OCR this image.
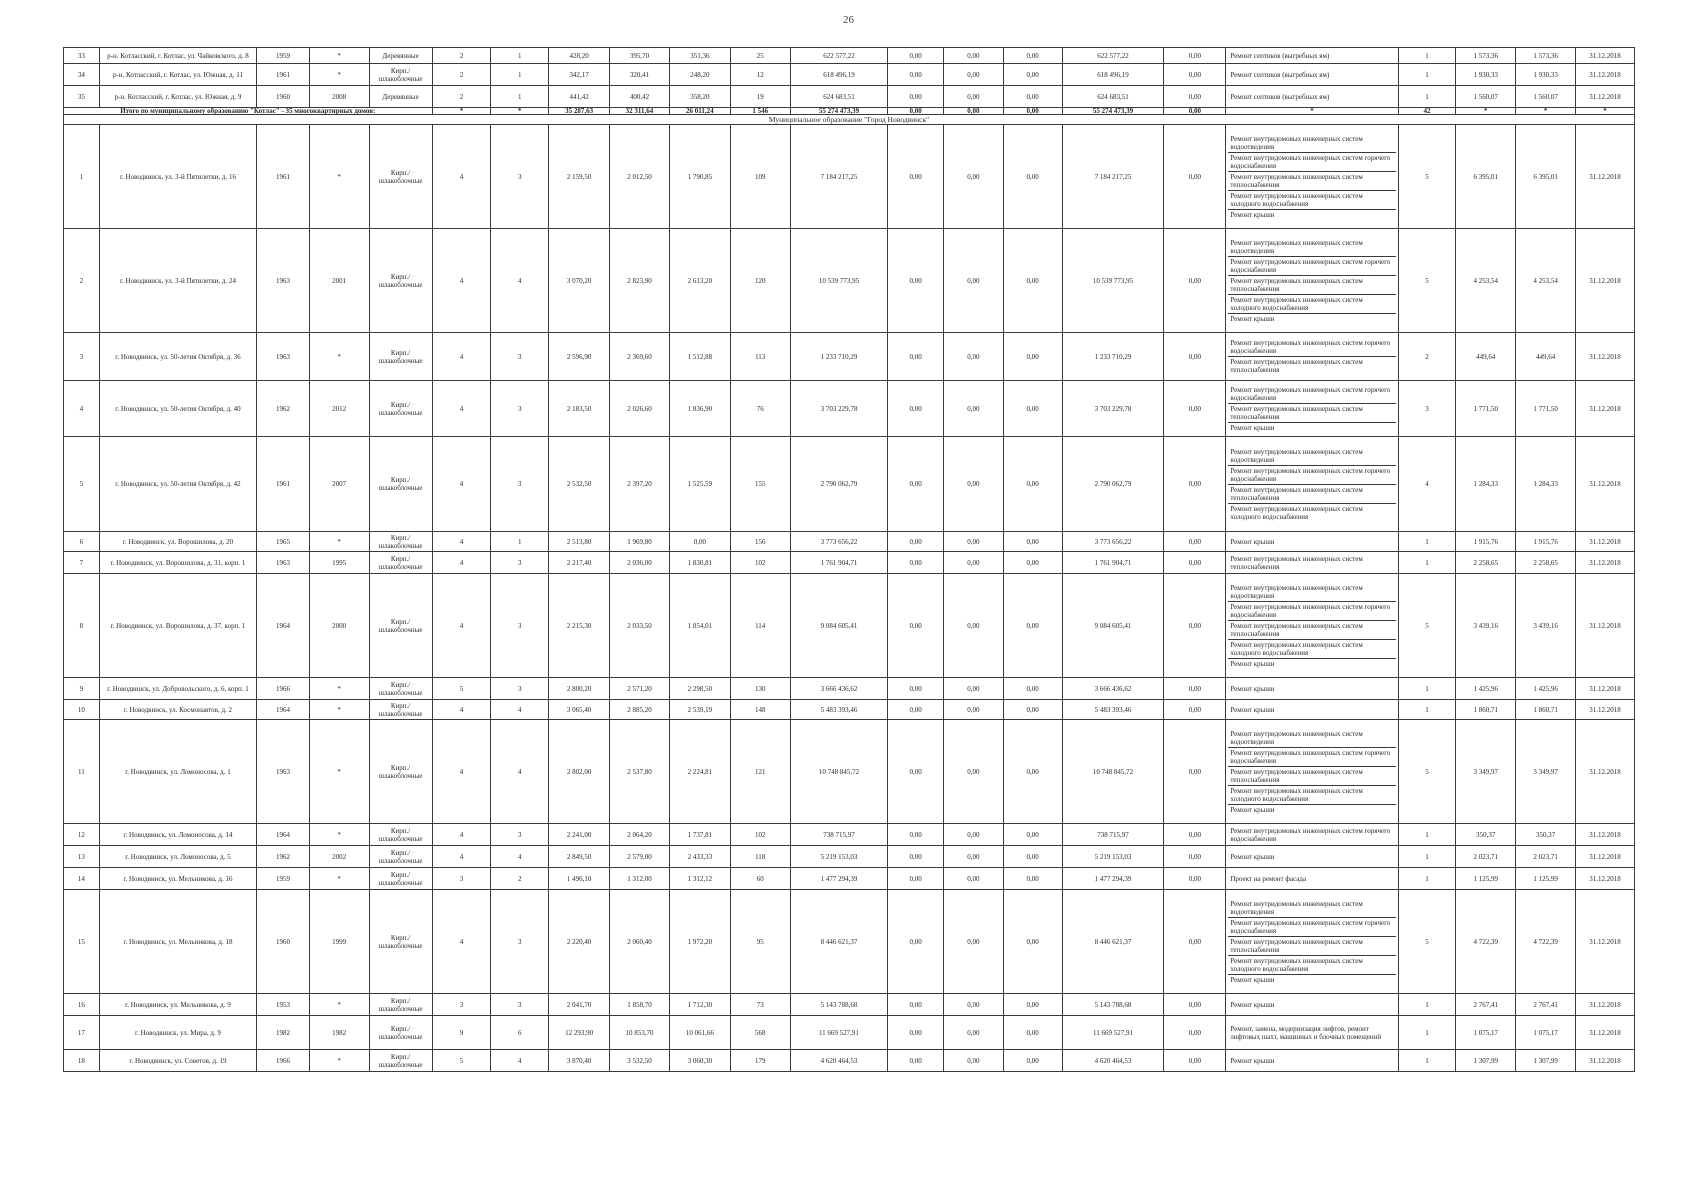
26
33	р-н. Котласский, г. Котлас, ул. Чайковского, д. 8	1959	*	Деревянные	2	1	428,20	395,70	351,36	25	622 577,22	0,00	0,00	0,00	622 577,22	0,00	Ремонт септиков (выгребных ям)	1	1 573,36	1 573,36	31.12.2018
34	р-н. Котласский, г. Котлас, ул. Южная, д. 11	1961	*	Кирп./шлакоблочные	2	1	342,17	320,41	248,20	12	618 496,19	0,00	0,00	0,00	618 496,19	0,00	Ремонт септиков (выгребных ям)	1	1 930,33	1 930,33	31.12.2018
35	р-н. Котласский, г. Котлас, ул. Южная, д. 9	1960	2008	Деревянные	2	1	441,42	400,42	358,20	19	624 683,51	0,00	0,00	0,00	624 683,51	0,00	Ремонт септиков (выгребных ям)	1	1 560,07	1 560,07	31.12.2018
Итого по муниципальному образованию "Котлас" - 35 многоквартирных домов:					*	*	35 287,63	32 311,64	26 011,24	1 546	55 274 473,39	0,00	0,00	0,00	55 274 473,39	0,00	*	42	*	*	*
Муниципальное образование "Город Новодвинск"																					
1	г. Новодвинск, ул. 3-й Пятилетки, д. 16	1961	*	Кирп./шлакоблочные	4	3	2 159,50	2 012,50	1 790,85	109	7 184 217,25	0,00	0,00	0,00	7 184 217,25	0,00	Ремонт внутридомовых инженерных систем водоотведения
Ремонт внутридомовых инженерных систем горячего водоснабжения
Ремонт внутридомовых инженерных систем теплоснабжения
Ремонт внутридомовых инженерных систем холодного водоснабжения
Ремонт крыши	5	6 395,01	6 395,01	31.12.2018
2	г. Новодвинск, ул. 3-й Пятилетки, д. 24	1963	2001	Кирп./шлакоблочные	4	4	3 070,20	2 823,90	2 613,20	120	10 539 773,95	0,00	0,00	0,00	10 539 773,95	0,00	Ремонт внутридомовых инженерных систем водоотведения
Ремонт внутридомовых инженерных систем горячего водоснабжения
Ремонт внутридомовых инженерных систем теплоснабжения
Ремонт внутридомовых инженерных систем холодного водоснабжения
Ремонт крыши	5	4 253,54	4 253,54	31.12.2018
3	г. Новодвинск, ул. 50-летия Октября, д. 36	1963	*	Кирп./шлакоблочные	4	3	2 596,90	2 369,60	1 512,88	113	1 233 710,29	0,00	0,00	0,00	1 233 710,29	0,00	Ремонт внутридомовых инженерных систем горячего водоснабжения
Ремонт внутридомовых инженерных систем теплоснабжения	2	449,64	449,64	31.12.2018
4	г. Новодвинск, ул. 50-летия Октября, д. 40	1962	2012	Кирп./шлакоблочные	4	3	2 183,50	2 026,60	1 836,90	76	3 703 229,78	0,00	0,00	0,00	3 703 229,78	0,00	Ремонт внутридомовых инженерных систем горячего водоснабжения
Ремонт внутридомовых инженерных систем теплоснабжения
Ремонт крыши	3	1 771,50	1 771,50	31.12.2018
5	г. Новодвинск, ул. 50-летия Октября, д. 42	1961	2007	Кирп./шлакоблочные	4	3	2 532,50	2 397,20	1 525,59	155	2 790 062,79	0,00	0,00	0,00	2 790 062,79	0,00	Ремонт внутридомовых инженерных систем водоотведения
Ремонт внутридомовых инженерных систем горячего водоснабжения
Ремонт внутридомовых инженерных систем теплоснабжения
Ремонт внутридомовых инженерных систем холодного водоснабжения	4	1 284,33	1 284,33	31.12.2018
6	г. Новодвинск, ул. Ворошилова, д. 20	1965	*	Кирп./шлакоблочные	4	1	2 513,80	1 969,80	0,00	156	3 773 656,22	0,00	0,00	0,00	3 773 656,22	0,00	Ремонт крыши	1	1 915,76	1 915,76	31.12.2018
7	г. Новодвинск, ул. Ворошилова, д. 31, корп. 1	1963	1995	Кирп./шлакоблочные	4	3	2 217,40	2 036,00	1 830,81	102	1 761 904,71	0,00	0,00	0,00	1 761 904,71	0,00	Ремонт внутридомовых инженерных систем теплоснабжения	1	2 258,65	2 258,65	31.12.2018
8	г. Новодвинск, ул. Ворошилова, д. 37, корп. 1	1964	2000	Кирп./шлакоблочные	4	3	2 215,30	2 033,50	1 854,01	114	9 084 605,41	0,00	0,00	0,00	9 084 605,41	0,00	Ремонт внутридомовых инженерных систем водоотведения
Ремонт внутридомовых инженерных систем горячего водоснабжения
Ремонт внутридомовых инженерных систем теплоснабжения
Ремонт внутридомовых инженерных систем холодного водоснабжения
Ремонт крыши	5	3 439,16	3 439,16	31.12.2018
9	г. Новодвинск, ул. Добровольского, д. 6, корп. 1	1966	*	Кирп./шлакоблочные	5	3	2 800,20	2 571,20	2 298,50	130	3 666 436,62	0,00	0,00	0,00	3 666 436,62	0,00	Ремонт крыши	1	1 425,96	1 425,96	31.12.2018
10	г. Новодвинск, ул. Космонавтов, д. 2	1964	*	Кирп./шлакоблочные	4	4	3 065,40	2 885,20	2 539,19	148	5 483 393,46	0,00	0,00	0,00	5 483 393,46	0,00	Ремонт крыши	1	1 860,71	1 860,71	31.12.2018
11	г. Новодвинск, ул. Ломоносова, д. 1	1963	*	Кирп./шлакоблочные	4	4	2 802,00	2 537,80	2 224,81	121	10 748 845,72	0,00	0,00	0,00	10 748 845,72	0,00	Ремонт внутридомовых инженерных систем водоотведения
Ремонт внутридомовых инженерных систем горячего водоснабжения
Ремонт внутридомовых инженерных систем теплоснабжения
Ремонт внутридомовых инженерных систем холодного водоснабжения
Ремонт крыши	5	3 349,97	3 349,97	31.12.2018
12	г. Новодвинск, ул. Ломоносова, д. 14	1964	*	Кирп./шлакоблочные	4	3	2 241,00	2 064,20	1 737,81	102	738 715,97	0,00	0,00	0,00	738 715,97	0,00	Ремонт внутридомовых инженерных систем горячего водоснабжения	1	350,37	350,37	31.12.2018
13	г. Новодвинск, ул. Ломоносова, д. 5	1962	2002	Кирп./шлакоблочные	4	4	2 849,50	2 579,00	2 433,33	118	5 219 153,03	0,00	0,00	0,00	5 219 153,03	0,00	Ремонт крыши	1	2 023,71	2 023,71	31.12.2018
14	г. Новодвинск, ул. Мельникова, д. 16	1959	*	Кирп./шлакоблочные	3	2	1 496,10	1 312,00	1 312,12	60	1 477 294,39	0,00	0,00	0,00	1 477 294,39	0,00	Проект на ремонт фасада	1	1 125,99	1 125,99	31.12.2018
15	г. Новодвинск, ул. Мельникова, д. 18	1960	1999	Кирп./шлакоблочные	4	3	2 220,40	2 060,40	1 972,20	95	8 446 621,37	0,00	0,00	0,00	8 446 621,37	0,00	Ремонт внутридомовых инженерных систем водоотведения
Ремонт внутридомовых инженерных систем горячего водоснабжения
Ремонт внутридомовых инженерных систем теплоснабжения
Ремонт внутридомовых инженерных систем холодного водоснабжения
Ремонт крыши	5	4 722,39	4 722,39	31.12.2018
16	г. Новодвинск, ул. Мельникова, д. 9	1953	*	Кирп./шлакоблочные	3	3	2 041,70	1 858,70	1 712,30	73	5 143 788,68	0,00	0,00	0,00	5 143 788,68	0,00	Ремонт крыши	1	2 767,41	2 767,41	31.12.2018
17	г. Новодвинск, ул. Мира, д. 9	1982	1982	Кирп./шлакоблочные	9	6	12 293,90	10 853,70	10 061,66	568	11 669 527,91	0,00	0,00	0,00	11 669 527,91	0,00	Ремонт, замена, модернизация лифтов, ремонт лифтовых шахт, машинных и блочных помещений	1	1 075,17	1 075,17	31.12.2018
18	г. Новодвинск, ул. Советов, д. 19	1966	*	Кирп./шлакоблочные	5	4	3 870,40	3 532,50	3 060,30	179	4 620 464,53	0,00	0,00	0,00	4 620 464,53	0,00	Ремонт крыши	1	1 307,99	1 307,99	31.12.2018
